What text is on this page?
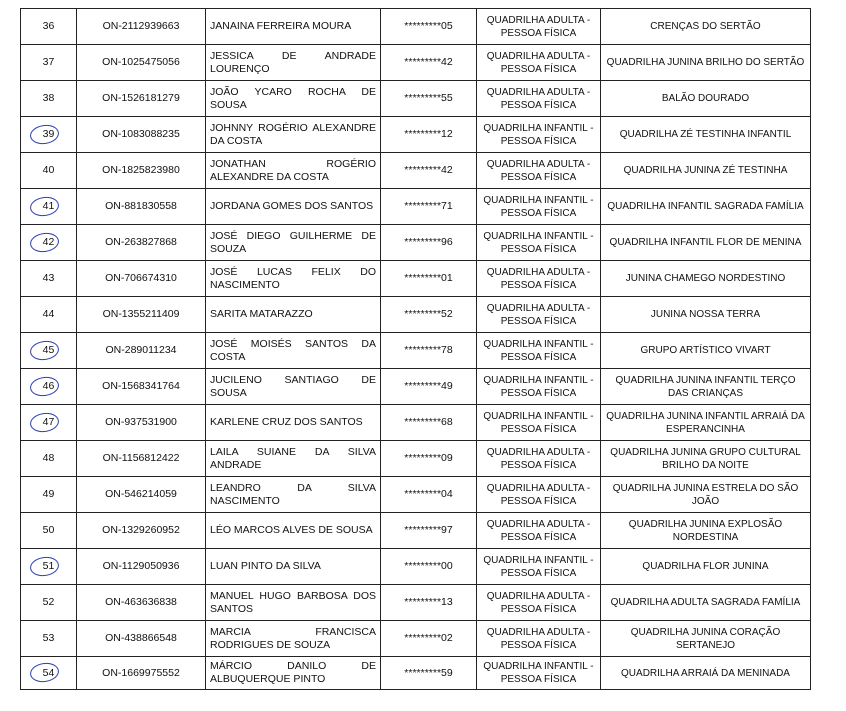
36	ON-2112939663	JANAINA FERREIRA MOURA	*********05	QUADRILHA ADULTA - PESSOA FÍSICA	CRENÇAS DO SERTÃO
37	ON-1025475056	JESSICA DE ANDRADE LOURENÇO	*********42	QUADRILHA ADULTA - PESSOA FÍSICA	QUADRILHA JUNINA BRILHO DO SERTÃO
38	ON-1526181279	JOÃO YCARO ROCHA DE SOUSA	*********55	QUADRILHA ADULTA - PESSOA FÍSICA	BALÃO DOURADO

39	ON-1083088235	JOHNNY ROGÉRIO ALEXANDRE DA COSTA	*********12	QUADRILHA INFANTIL - PESSOA FÍSICA	QUADRILHA ZÉ TESTINHA INFANTIL
40	ON-1825823980	JONATHAN ROGÉRIO ALEXANDRE DA COSTA	*********42	QUADRILHA ADULTA - PESSOA FÍSICA	QUADRILHA JUNINA ZÉ TESTINHA

41	ON-881830558	JORDANA GOMES DOS SANTOS	*********71	QUADRILHA INFANTIL - PESSOA FÍSICA	QUADRILHA INFANTIL SAGRADA FAMÍLIA

42	ON-263827868	JOSÉ DIEGO GUILHERME DE SOUZA	*********96	QUADRILHA INFANTIL - PESSOA FÍSICA	QUADRILHA INFANTIL FLOR DE MENINA
43	ON-706674310	JOSÉ LUCAS FELIX DO NASCIMENTO	*********01	QUADRILHA ADULTA - PESSOA FÍSICA	JUNINA CHAMEGO NORDESTINO
44	ON-1355211409	SARITA MATARAZZO	*********52	QUADRILHA ADULTA - PESSOA FÍSICA	JUNINA NOSSA TERRA

45	ON-289011234	JOSÉ MOISÉS SANTOS DA COSTA	*********78	QUADRILHA INFANTIL - PESSOA FÍSICA	GRUPO ARTÍSTICO VIVART

46	ON-1568341764	JUCILENO SANTIAGO DE SOUSA	*********49	QUADRILHA INFANTIL - PESSOA FÍSICA	QUADRILHA JUNINA INFANTIL TERÇO DAS CRIANÇAS

47	ON-937531900	KARLENE CRUZ DOS SANTOS	*********68	QUADRILHA INFANTIL - PESSOA FÍSICA	QUADRILHA JUNINA INFANTIL ARRAIÁ DA ESPERANCINHA
48	ON-1156812422	LAILA SUIANE DA SILVA ANDRADE	*********09	QUADRILHA ADULTA - PESSOA FÍSICA	QUADRILHA JUNINA GRUPO CULTURAL BRILHO DA NOITE
49	ON-546214059	LEANDRO DA SILVA NASCIMENTO	*********04	QUADRILHA ADULTA - PESSOA FÍSICA	QUADRILHA JUNINA ESTRELA DO SÃO JOÃO
50	ON-1329260952	LÉO MARCOS ALVES DE SOUSA	*********97	QUADRILHA ADULTA - PESSOA FÍSICA	QUADRILHA JUNINA EXPLOSÃO NORDESTINA

51	ON-1129050936	LUAN PINTO DA SILVA	*********00	QUADRILHA INFANTIL - PESSOA FÍSICA	QUADRILHA FLOR JUNINA
52	ON-463636838	MANUEL HUGO BARBOSA DOS SANTOS	*********13	QUADRILHA ADULTA - PESSOA FÍSICA	QUADRILHA ADULTA SAGRADA FAMÍLIA
53	ON-438866548	MARCIA FRANCISCA RODRIGUES DE SOUZA	*********02	QUADRILHA ADULTA - PESSOA FÍSICA	QUADRILHA JUNINA CORAÇÃO SERTANEJO

54	ON-1669975552	MÁRCIO DANILO DE ALBUQUERQUE PINTO	*********59	QUADRILHA INFANTIL - PESSOA FÍSICA	QUADRILHA ARRAIÁ DA MENINADA
